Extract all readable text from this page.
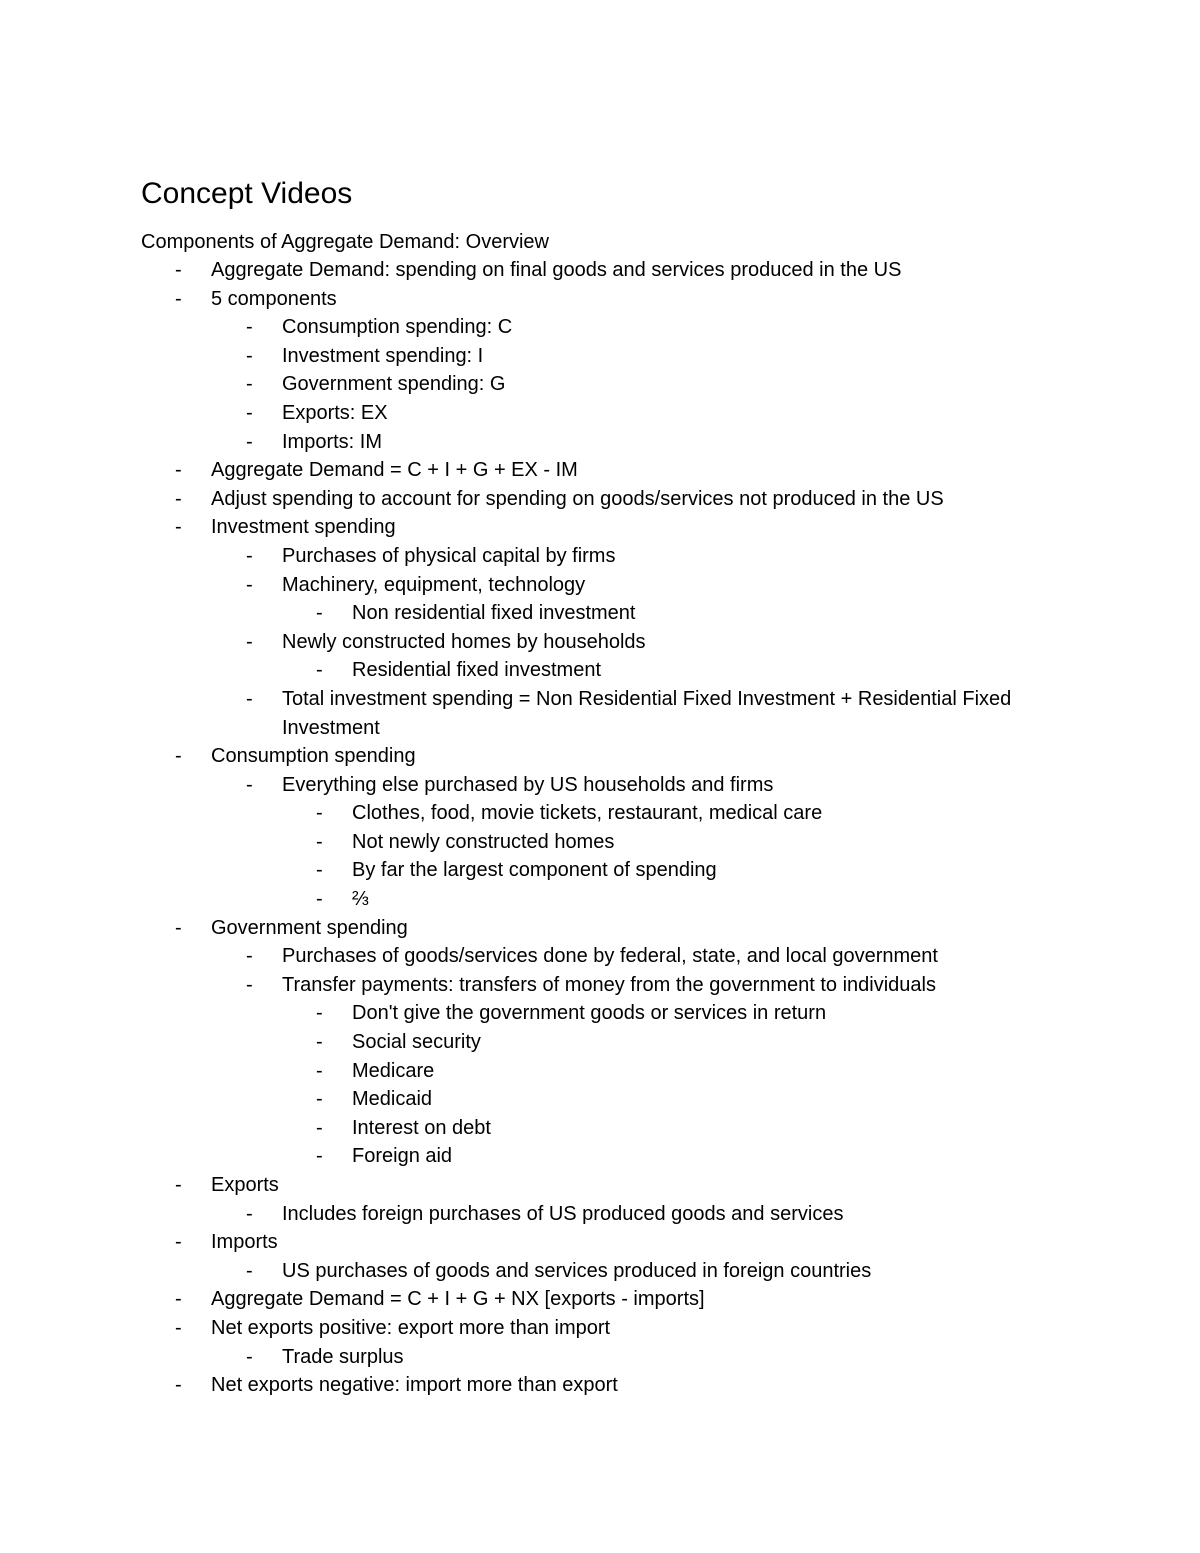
Concept Videos

Components of Aggregate Demand: Overview

-	Aggregate Demand: spending on final goods and services produced in the US
-	5 components
-	Consumption spending: C
-	Investment spending: I
-	Government spending: G
-	Exports: EX
-	Imports: IM
-	Aggregate Demand = C + I + G + EX - IM
-	Adjust spending to account for spending on goods/services not produced in the US
-	Investment spending
-	Purchases of physical capital by firms
-	Machinery, equipment, technology
-	Non residential fixed investment
-	Newly constructed homes by households
-	Residential fixed investment
-	Total investment spending = Non Residential Fixed Investment + Residential Fixed Investment
-	Consumption spending
-	Everything else purchased by US households and firms
-	Clothes, food, movie tickets, restaurant, medical care
-	Not newly constructed homes
-	By far the largest component of spending
-	⅔
-	Government spending
-	Purchases of goods/services done by federal, state, and local government
-	Transfer payments: transfers of money from the government to individuals
-	Don't give the government goods or services in return
-	Social security
-	Medicare
-	Medicaid
-	Interest on debt
-	Foreign aid
-	Exports
-	Includes foreign purchases of US produced goods and services
-	Imports
-	US purchases of goods and services produced in foreign countries
-	Aggregate Demand = C + I + G + NX [exports - imports]
-	Net exports positive: export more than import
-	Trade surplus
-	Net exports negative: import more than export
